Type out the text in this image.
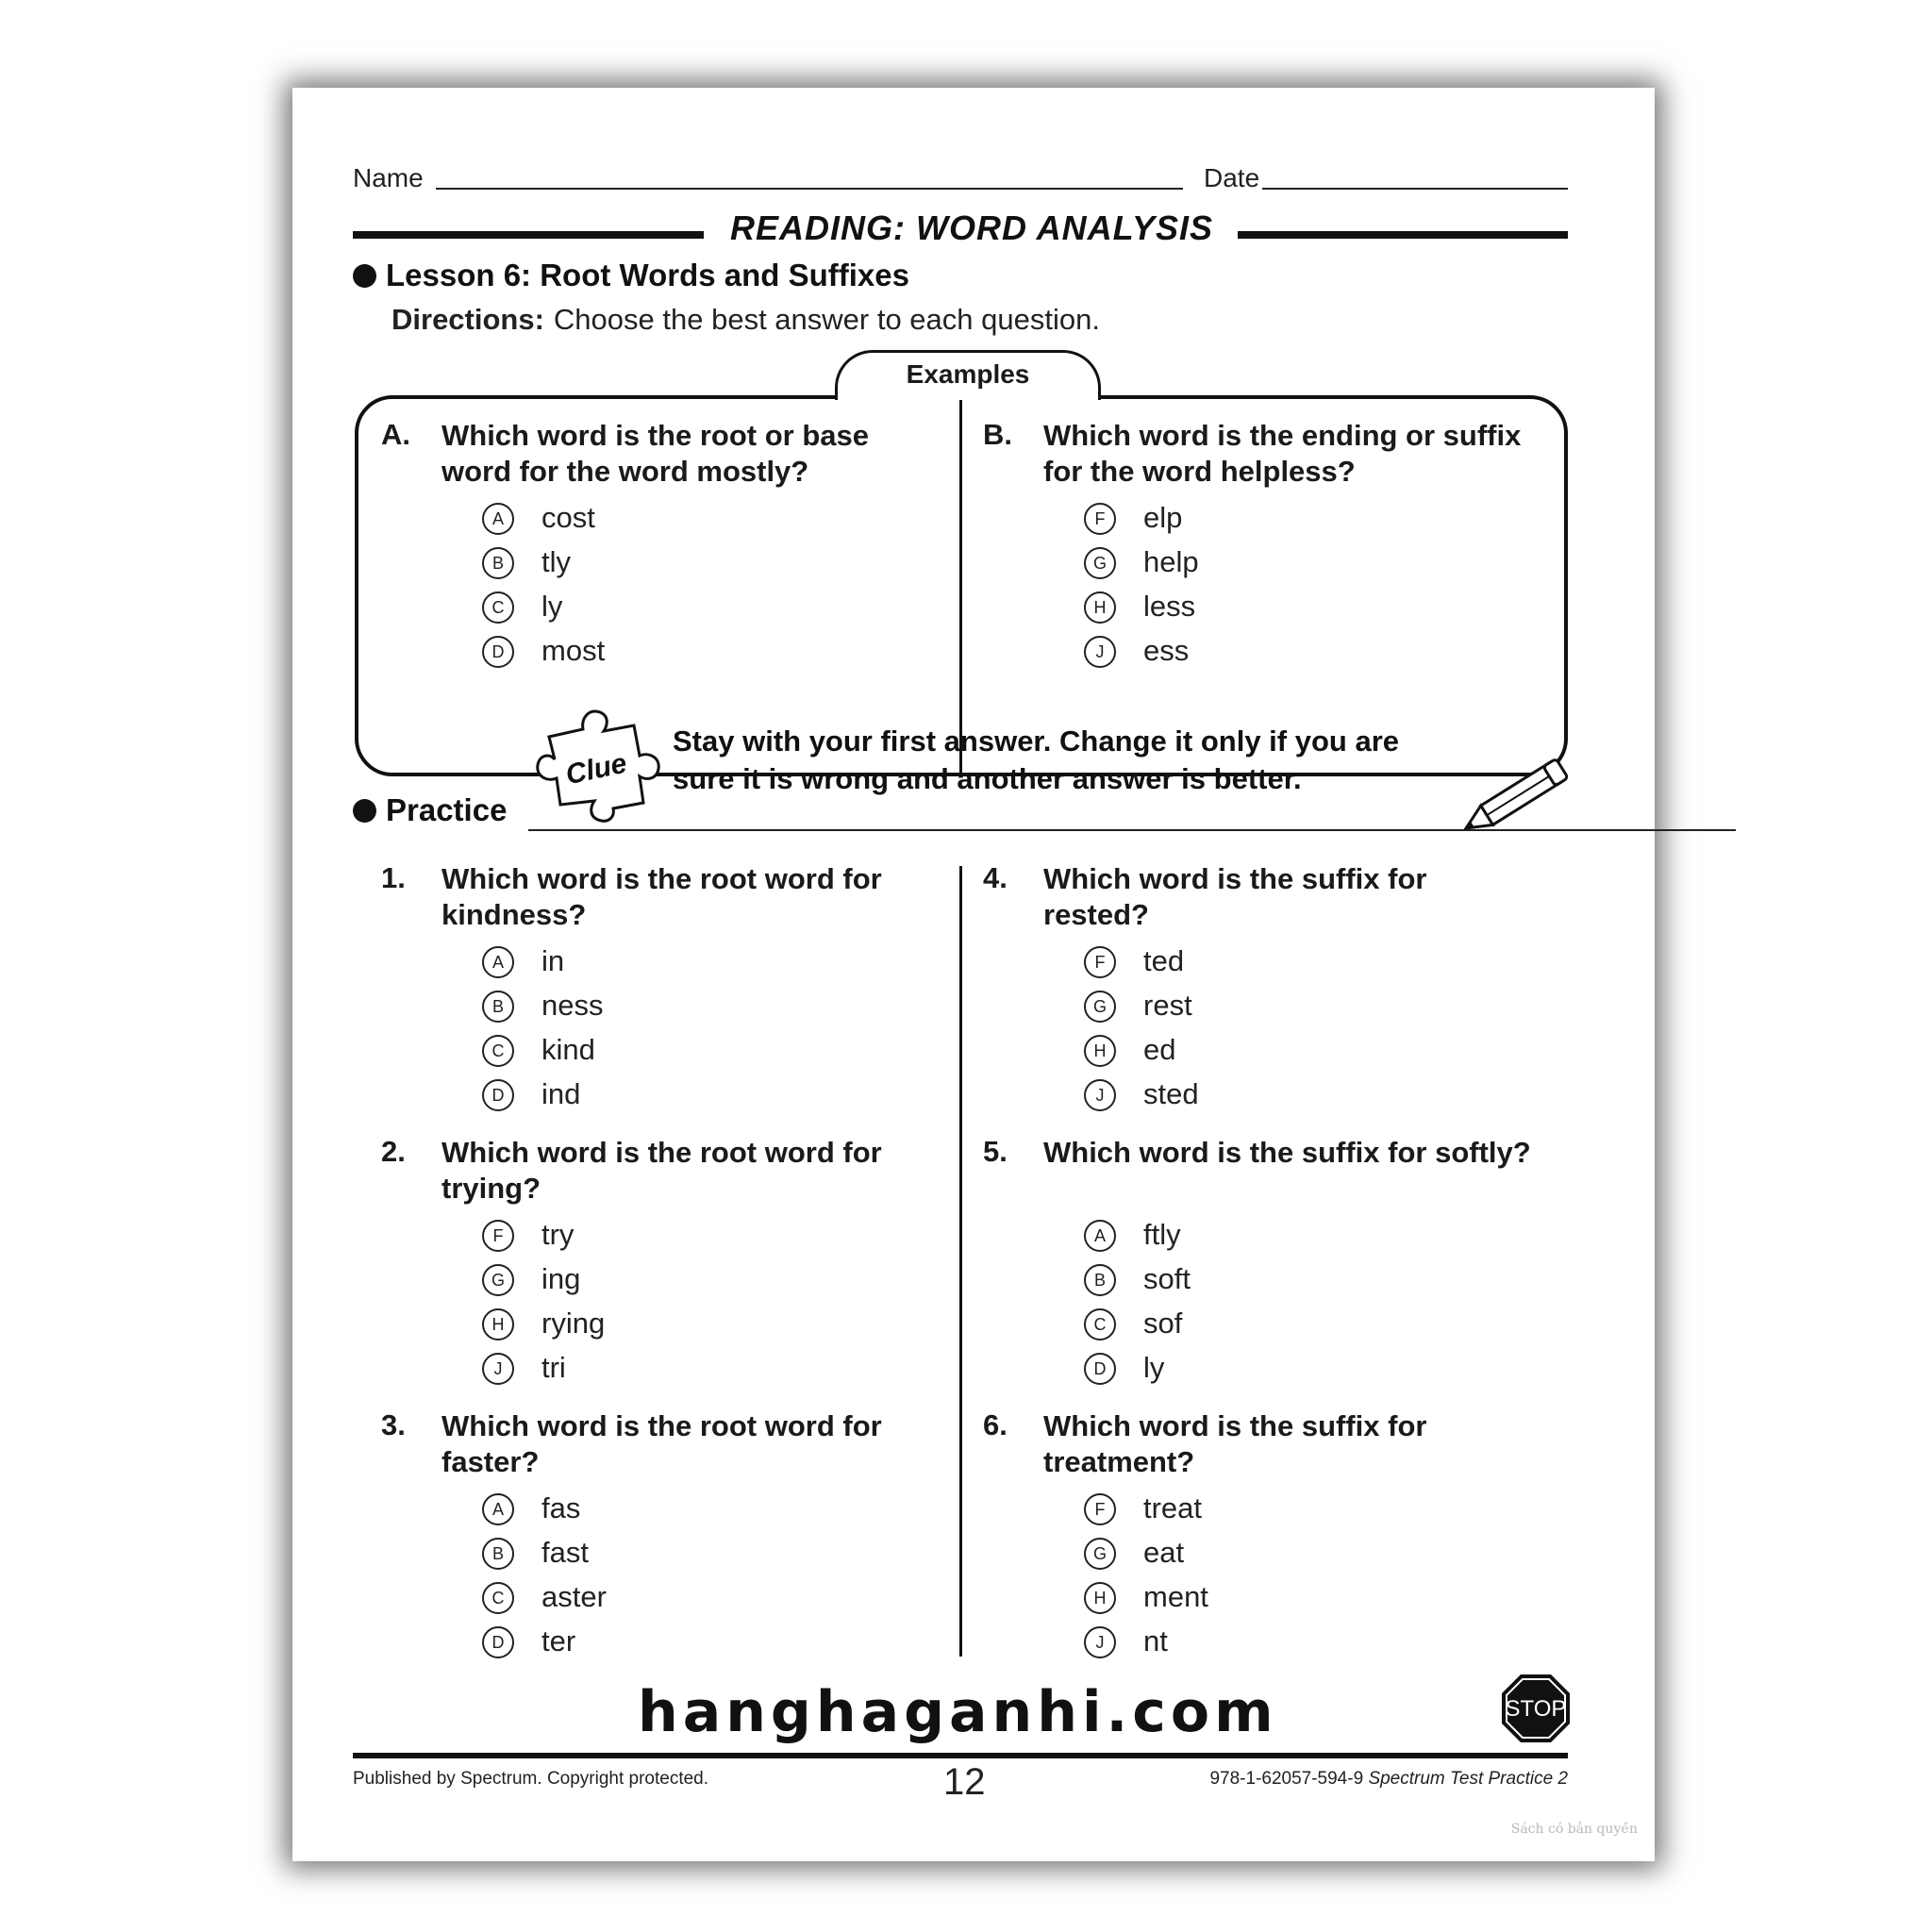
Name	Date
READING: WORD ANALYSIS
Lesson 6: Root Words and Suffixes
Directions: Choose the best answer to each question.
Examples
A. Which word is the root or base word for the word mostly?
A	cost
B	tly
C	ly
D	most
B. Which word is the ending or suffix for the word helpless?
F	elp
G	help
H	less
J	ess
Clue
Stay with your first answer. Change it only if you are sure it is wrong and another answer is better.
Practice
1. Which word is the root word for kindness?
A	in
B	ness
C	kind
D	ind
2. Which word is the root word for trying?
F	try
G	ing
H	rying
J	tri
3. Which word is the root word for faster?
A	fas
B	fast
C	aster
D	ter
4. Which word is the suffix for rested?
F	ted
G	rest
H	ed
J	sted
5. Which word is the suffix for softly?
A	ftly
B	soft
C	sof
D	ly
6. Which word is the suffix for treatment?
F	treat
G	eat
H	ment
J	nt
STOP
Published by Spectrum. Copyright protected.	12	978-1-62057-594-9 Spectrum Test Practice 2
Sách có bản quyền
hanghaganhi.com
